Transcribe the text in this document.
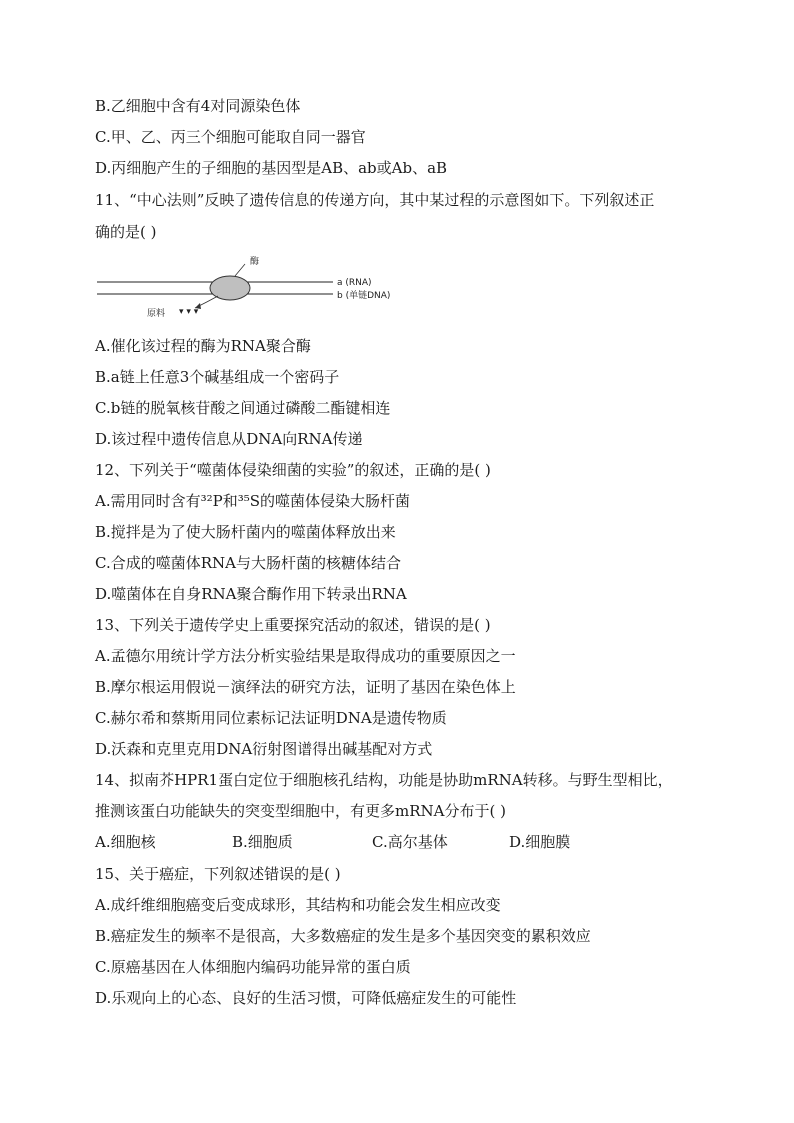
B.乙细胞中含有4对同源染色体
C.甲、乙、丙三个细胞可能取自同一器官
D.丙细胞产生的子细胞的基因型是AB、ab或Ab、aB
11、“中心法则”反映了遗传信息的传递方向，其中某过程的示意图如下。下列叙述正
确的是( )
▾ ▾ ▾
酶
a (RNA)
b (单链DNA)
原料
A.催化该过程的酶为RNA聚合酶
B.a链上任意3个碱基组成一个密码子
C.b链的脱氧核苷酸之间通过磷酸二酯键相连
D.该过程中遗传信息从DNA向RNA传递
12、下列关于“噬菌体侵染细菌的实验”的叙述，正确的是( )
A.需用同时含有³²P和³⁵S的噬菌体侵染大肠杆菌
B.搅拌是为了使大肠杆菌内的噬菌体释放出来
C.合成的噬菌体RNA与大肠杆菌的核糖体结合
D.噬菌体在自身RNA聚合酶作用下转录出RNA
13、下列关于遗传学史上重要探究活动的叙述，错误的是( )
A.孟德尔用统计学方法分析实验结果是取得成功的重要原因之一
B.摩尔根运用假说－演绎法的研究方法，证明了基因在染色体上
C.赫尔希和蔡斯用同位素标记法证明DNA是遗传物质
D.沃森和克里克用DNA衍射图谱得出碱基配对方式
14、拟南芥HPR1蛋白定位于细胞核孔结构，功能是协助mRNA转移。与野生型相比，
推测该蛋白功能缺失的突变型细胞中，有更多mRNA分布于( )
A.细胞核	B.细胞质	C.高尔基体	D.细胞膜
15、关于癌症，下列叙述错误的是( )
A.成纤维细胞癌变后变成球形，其结构和功能会发生相应改变
B.癌症发生的频率不是很高，大多数癌症的发生是多个基因突变的累积效应
C.原癌基因在人体细胞内编码功能异常的蛋白质
D.乐观向上的心态、良好的生活习惯，可降低癌症发生的可能性
